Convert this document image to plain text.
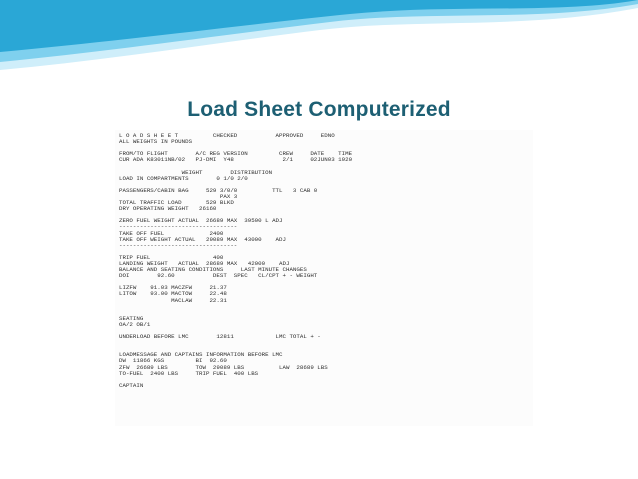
Load Sheet Computerized
L O A D S H E E T          CHECKED           APPROVED     EDNO
ALL WEIGHTS IN POUNDS
FROM/TO FLIGHT        A/C REG VERSION         CREW     DATE    TIME
CUR ADA K83011NB/02   PJ-DMI  Y48              2/1     02JUN03 1920
WEIGHT        DISTRIBUTION
LOAD IN COMPARTMENTS        0 1/0 2/0
PASSENGERS/CABIN BAG     529 3/0/0          TTL   3 CAB 0
PAX 3
TOTAL TRAFFIC LOAD       529 BLKD
DRY OPERATING WEIGHT   26160
ZERO FUEL WEIGHT ACTUAL  26689 MAX  39500 L ADJ
----------------------------------
TAKE OFF FUEL             2400
TAKE OFF WEIGHT ACTUAL   29089 MAX  43000    ADJ
----------------------------------
TRIP FUEL                  400
LANDING WEIGHT   ACTUAL  28689 MAX   42000    ADJ
BALANCE AND SEATING CONDITIONS     LAST MINUTE CHANGES
DOI        92.60           DEST  SPEC   CL/CPT + - WEIGHT
LIZFW    91.03 MACZFW     21.37
LITOW    93.00 MACTOW     22.48
MACLAW     22.31
SEATING
OA/2 OB/1
UNDERLOAD BEFORE LMC        12811            LMC TOTAL + -
LOADMESSAGE AND CAPTAINS INFORMATION BEFORE LMC
DW  11866 KGS         BI  92.60
ZFW  26689 LBS        TOW  29089 LBS          LAW  28689 LBS
TO-FUEL  2400 LBS     TRIP FUEL  400 LBS
CAPTAIN
